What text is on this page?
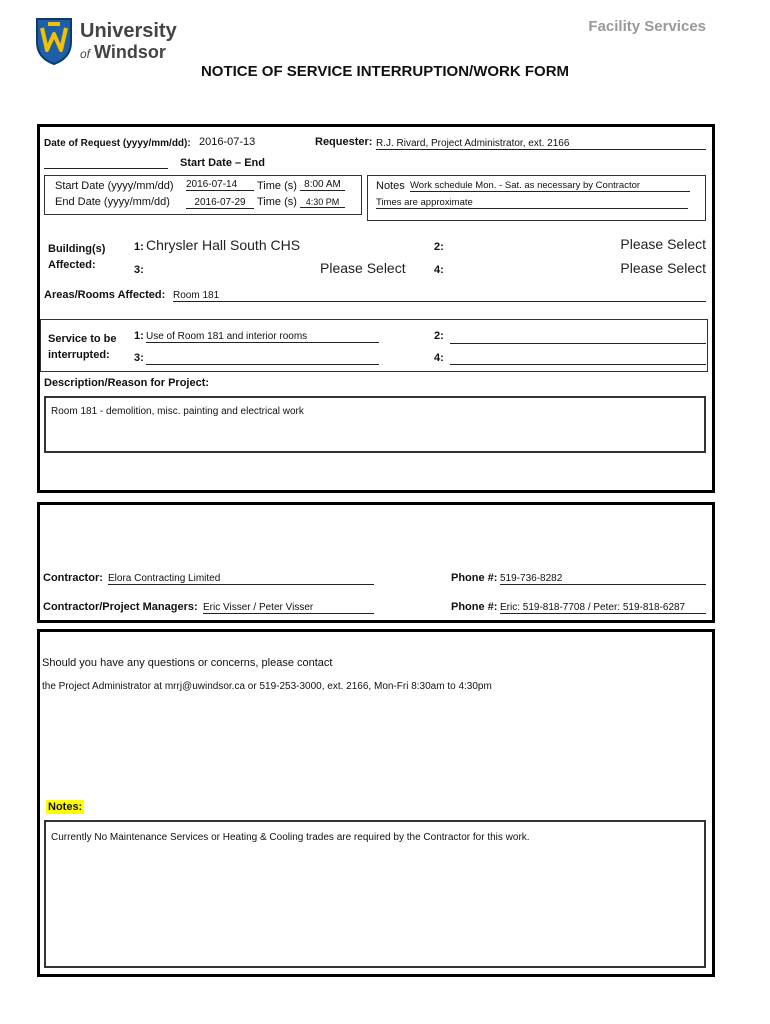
University
of Windsor
Facility Services
NOTICE OF SERVICE INTERRUPTION/WORK FORM
Date of Request (yyyy/mm/dd): 2016-07-13	Requester: R.J. Rivard, Project Administrator, ext. 2166
Start Date – End
Start Date (yyyy/mm/dd) 2016-07-14	Time (s) 8:00 AM
End Date (yyyy/mm/dd)	2016-07-29	Time (s) 4:30 PM
Notes Work schedule Mon. - Sat. as necessary by Contractor
Times are approximate
Building(s)
Affected:
1: Chrysler Hall South CHS	2:	Please Select
3:	Please Select	4:	Please Select
Areas/Rooms Affected: Room 181
Service to be
interrupted:
1: Use of Room 181 and interior rooms	2:
3:	4:
Description/Reason for Project:
Room 181 - demolition, misc. painting and electrical work
Contractor: Elora Contracting Limited	Phone #: 519-736-8282
Contractor/Project Managers: Eric Visser / Peter Visser	Phone #: Eric: 519-818-7708 / Peter: 519-818-6287
Should you have any questions or concerns, please contact
the Project Administrator at mrrj@uwindsor.ca or 519-253-3000, ext. 2166, Mon-Fri 8:30am to 4:30pm
Notes:
Currently No Maintenance Services or Heating & Cooling trades are required by the Contractor for this work.
